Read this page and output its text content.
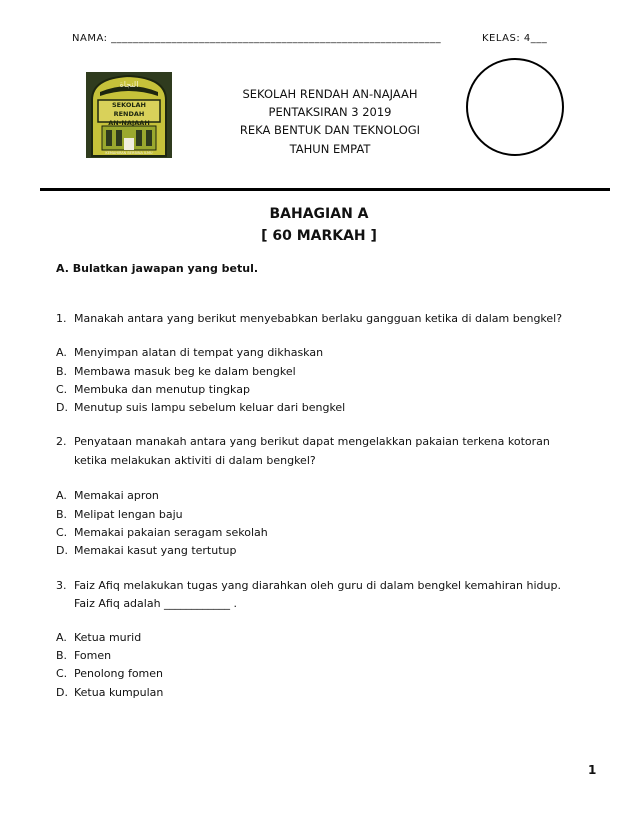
NAMA: ____________________________________________________________	KELAS: 4___
النجاة
SEKOLAH RENDAH
AN-NAJAAH
KEMAHIRAN BERBINA ILMU
SEKOLAH RENDAH AN-NAJAAH
PENTAKSIRAN 3 2019
REKA BENTUK DAN TEKNOLOGI
TAHUN EMPAT
BAHAGIAN A
[ 60 MARKAH ]
A. Bulatkan jawapan yang betul.
1. Manakah antara yang berikut menyebabkan berlaku gangguan ketika di dalam bengkel?
A. Menyimpan alatan di tempat yang dikhaskan
B. Membawa masuk beg ke dalam bengkel
C. Membuka dan menutup tingkap
D. Menutup suis lampu sebelum keluar dari bengkel
2. Penyataan manakah antara yang berikut dapat mengelakkan pakaian terkena kotoran
ketika melakukan aktiviti di dalam bengkel?
A. Memakai apron
B. Melipat lengan baju
C. Memakai pakaian seragam sekolah
D. Memakai kasut yang tertutup
3. Faiz Afiq melakukan tugas yang diarahkan oleh guru di dalam bengkel kemahiran hidup.
Faiz Afiq adalah ____________ .
A. Ketua murid
B. Fomen
C. Penolong fomen
D. Ketua kumpulan
1
